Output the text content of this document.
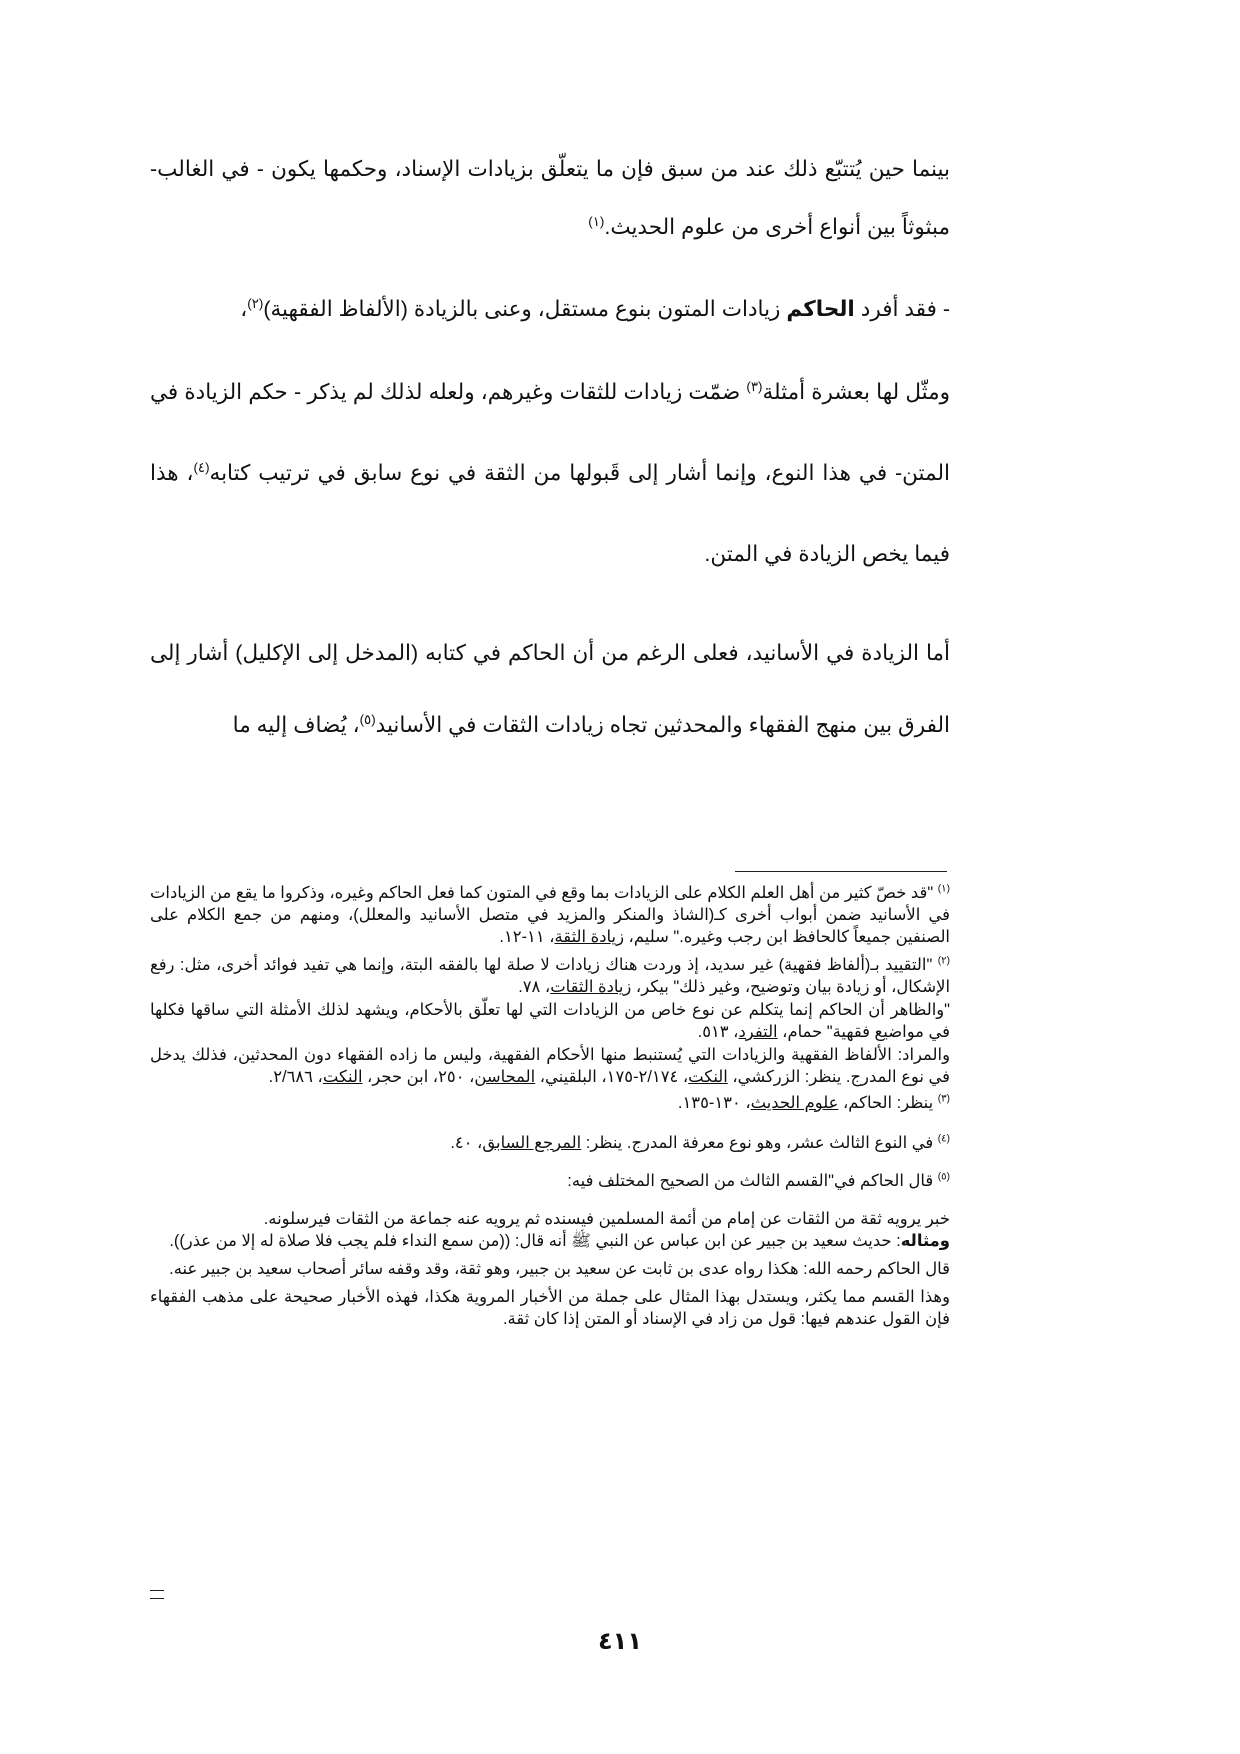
بينما حين يُتتبّع ذلك عند من سبق فإن ما يتعلّق بزيادات الإسناد، وحكمها يكون - في الغالب- مبثوثاً بين أنواع أخرى من علوم الحديث.$^{(١)}$

- فقد أفرد الحاكم زيادات المتون بنوع مستقل، وعنى بالزيادة (الألفاظ الفقهية)$^{(٢)}$،

ومثّل لها بعشرة أمثلة$^{(٣)}$ ضمّت زيادات للثقات وغيرهم، ولعله لذلك لم يذكر - حكم الزيادة في المتن- في هذا النوع، وإنما أشار إلى قَبولها من الثقة في نوع سابق في ترتيب كتابه$^{(٤)}$، هذا فيما يخص الزيادة في المتن.

أما الزيادة في الأسانيد، فعلى الرغم من أن الحاكم في كتابه (المدخل إلى الإكليل) أشار إلى الفرق بين منهج الفقهاء والمحدثين تجاه زيادات الثقات في الأسانيد$^{(٥)}$، يُضاف إليه ما

$^{(١)}$ "قد خصّ كثير من أهل العلم الكلام على الزيادات بما وقع في المتون كما فعل الحاكم وغيره، وذكروا ما يقع من الزيادات في الأسانيد ضمن أبواب أخرى كـ(الشاذ والمنكر والمزيد في متصل الأسانيد والمعلل)، ومنهم من جمع الكلام على الصنفين جميعاً كالحافظ ابن رجب وغيره." سليم، زيادة الثقة، ١١-١٢.

$^{(٢)}$ "التقييد بـ(ألفاظ فقهية) غير سديد، إذ وردت هناك زيادات لا صلة لها بالفقه البتة، وإنما هي تفيد فوائد أخرى، مثل: رفع الإشكال، أو زيادة بيان وتوضيح، وغير ذلك" بيكر، زيادة الثقات، ٧٨.

"والظاهر أن الحاكم إنما يتكلم عن نوع خاص من الزيادات التي لها تعلّق بالأحكام، ويشهد لذلك الأمثلة التي ساقها فكلها في مواضيع فقهية" حمام، التفرد، ٥١٣.

والمراد: الألفاظ الفقهية والزيادات التي يُستنبط منها الأحكام الفقهية، وليس ما زاده الفقهاء دون المحدثين، فذلك يدخل في نوع المدرج. ينظر: الزركشي، النكت، ٢/١٧٤-١٧٥، البلقيني، المحاسن، ٢٥٠، ابن حجر، النكت، ٢/٦٨٦.

$^{(٣)}$ ينظر: الحاكم، علوم الحديث، ١٣٠-١٣٥.

$^{(٤)}$ في النوع الثالث عشر، وهو نوع معرفة المدرج. ينظر: المرجع السابق، ٤٠.

$^{(٥)}$ قال الحاكم في"القسم الثالث من الصحيح المختلف فيه:

خبر يرويه ثقة من الثقات عن إمام من أئمة المسلمين فيسنده ثم يرويه عنه جماعة من الثقات فيرسلونه.

ومثاله: حديث سعيد بن جبير عن ابن عباس عن النبي ﷺ أنه قال: ((من سمع النداء فلم يجب فلا صلاة له إلا من عذر)).

قال الحاكم رحمه الله: هكذا رواه عدى بن ثابت عن سعيد بن جبير، وهو ثقة، وقد وقفه سائر أصحاب سعيد بن جبير عنه.

وهذا القسم مما يكثر، ويستدل بهذا المثال على جملة من الأخبار المروية هكذا، فهذه الأخبار صحيحة على مذهب الفقهاء فإن القول عندهم فيها: قول من زاد في الإسناد أو المتن إذا كان ثقة.

٤١١
